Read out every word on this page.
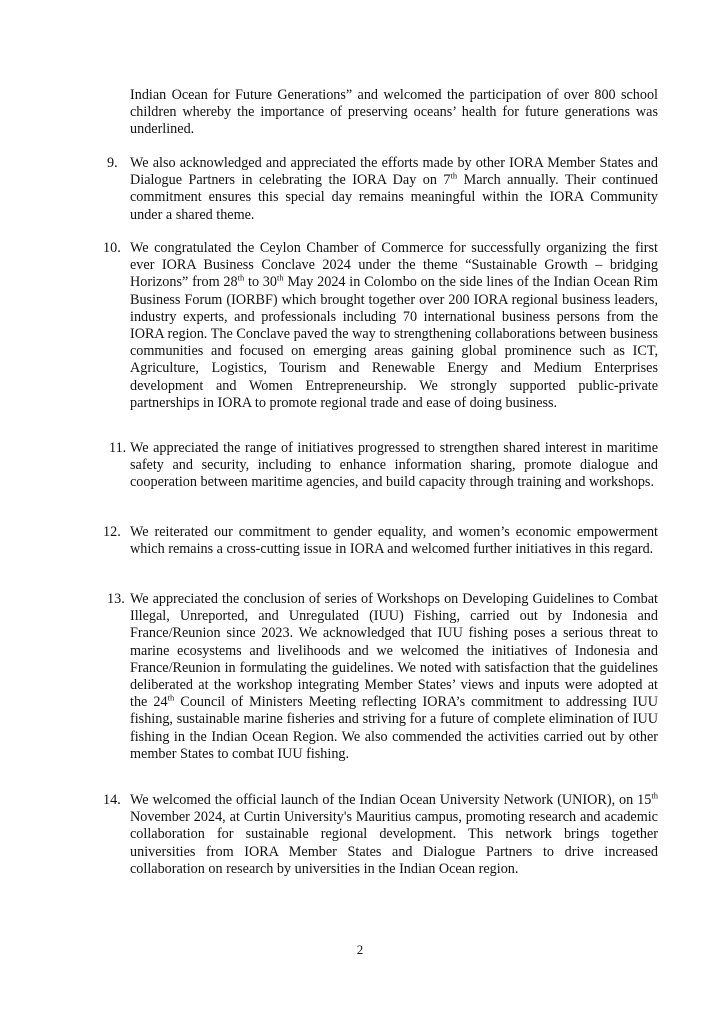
Indian Ocean for Future Generations” and welcomed the participation of over 800 school children whereby the importance of preserving oceans’ health for future generations was underlined.

9. We also acknowledged and appreciated the efforts made by other IORA Member States and Dialogue Partners in celebrating the IORA Day on 7th March annually. Their continued commitment ensures this special day remains meaningful within the IORA Community under a shared theme.

10. We congratulated the Ceylon Chamber of Commerce for successfully organizing the first ever IORA Business Conclave 2024 under the theme “Sustainable Growth – bridging Horizons” from 28th to 30th May 2024 in Colombo on the side lines of the Indian Ocean Rim Business Forum (IORBF) which brought together over 200 IORA regional business leaders, industry experts, and professionals including 70 international business persons from the IORA region. The Conclave paved the way to strengthening collaborations between business communities and focused on emerging areas gaining global prominence such as ICT, Agriculture, Logistics, Tourism and Renewable Energy and Medium Enterprises development and Women Entrepreneurship. We strongly supported public-private partnerships in IORA to promote regional trade and ease of doing business.

11. We appreciated the range of initiatives progressed to strengthen shared interest in maritime safety and security, including to enhance information sharing, promote dialogue and cooperation between maritime agencies, and build capacity through training and workshops.

12. We reiterated our commitment to gender equality, and women’s economic empowerment which remains a cross-cutting issue in IORA and welcomed further initiatives in this regard.

13. We appreciated the conclusion of series of Workshops on Developing Guidelines to Combat Illegal, Unreported, and Unregulated (IUU) Fishing, carried out by Indonesia and France/Reunion since 2023. We acknowledged that IUU fishing poses a serious threat to marine ecosystems and livelihoods and we welcomed the initiatives of Indonesia and France/Reunion in formulating the guidelines. We noted with satisfaction that the guidelines deliberated at the workshop integrating Member States’ views and inputs were adopted at the 24th Council of Ministers Meeting reflecting IORA’s commitment to addressing IUU fishing, sustainable marine fisheries and striving for a future of complete elimination of IUU fishing in the Indian Ocean Region. We also commended the activities carried out by other member States to combat IUU fishing.

14. We welcomed the official launch of the Indian Ocean University Network (UNIOR), on 15th November 2024, at Curtin University's Mauritius campus, promoting research and academic collaboration for sustainable regional development. This network brings together universities from IORA Member States and Dialogue Partners to drive increased collaboration on research by universities in the Indian Ocean region.

2
